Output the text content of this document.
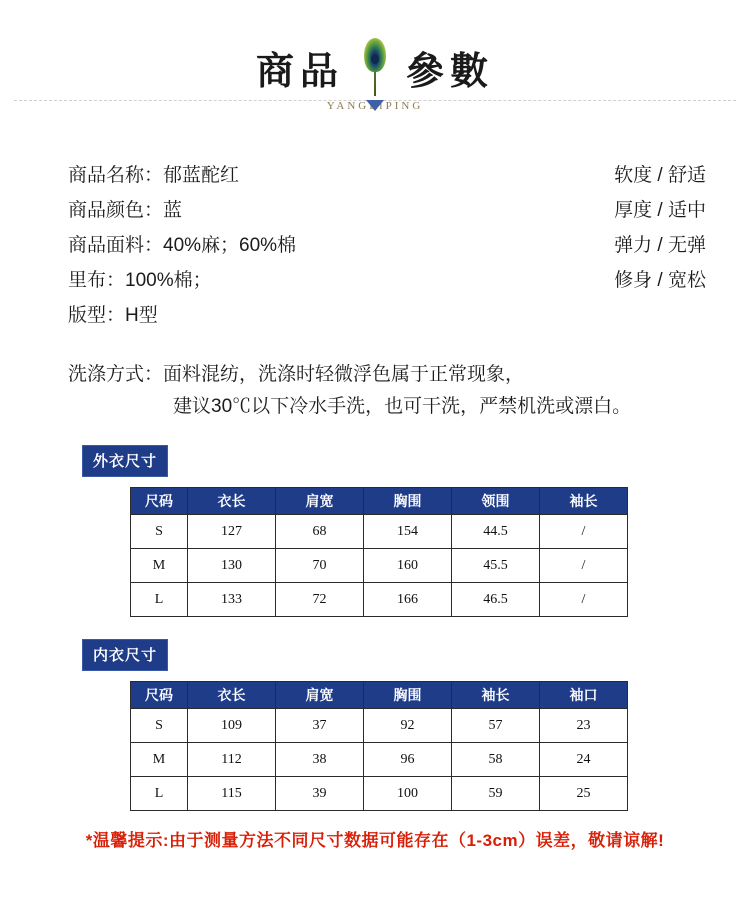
商品 參數
YANGLIPING
商品名称：郁蓝酡红
商品颜色：蓝
商品面料：40%麻；60%棉
里布：100%棉；
版型：H型
软度 / 舒适
厚度 / 适中
弹力 / 无弹
修身 / 宽松
洗涤方式：面料混纺，洗涤时轻微浮色属于正常现象，
建议30℃以下冷水手洗，也可干洗，严禁机洗或漂白。
外衣尺寸
尺码	衣长	肩宽	胸围	领围	袖长
S	127	68	154	44.5	/
M	130	70	160	45.5	/
L	133	72	166	46.5	/
内衣尺寸
尺码	衣长	肩宽	胸围	袖长	袖口
S	109	37	92	57	23
M	112	38	96	58	24
L	115	39	100	59	25
*温馨提示:由于测量方法不同尺寸数据可能存在（1-3cm）误差，敬请谅解!
